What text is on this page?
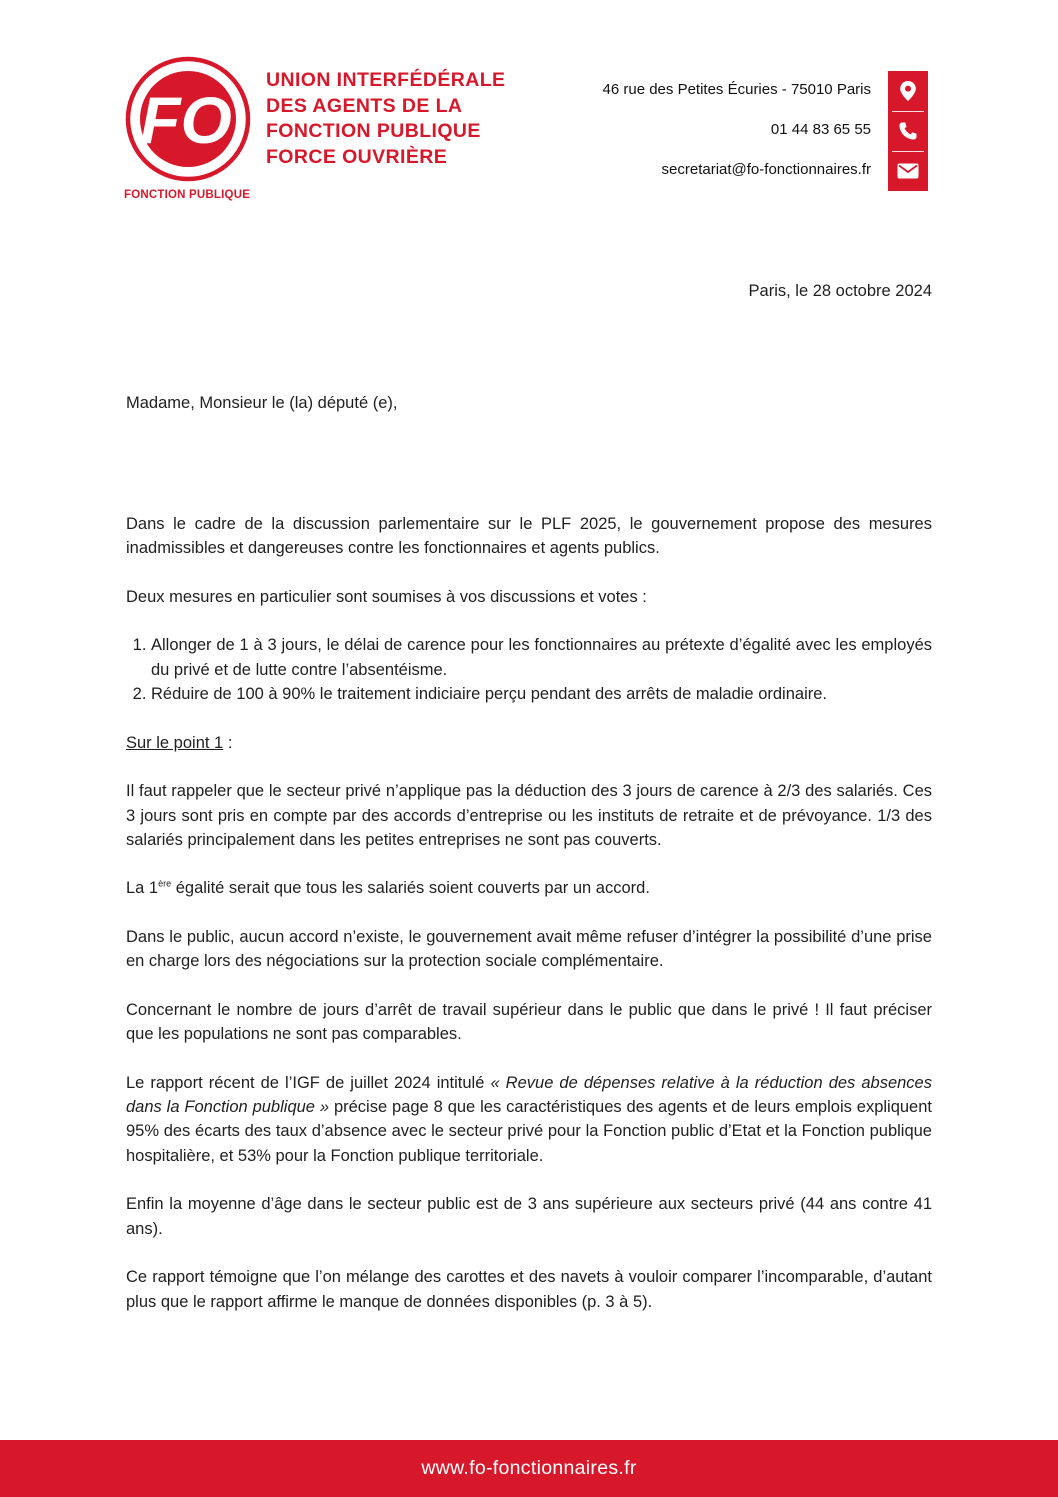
FO
FONCTION PUBLIQUE
UNION INTERFÉDÉRALE
DES AGENTS DE LA
FONCTION PUBLIQUE
FORCE OUVRIÈRE
46 rue des Petites Écuries - 75010 Paris
01 44 83 65 55
secretariat@fo-fonctionnaires.fr
Paris, le 28 octobre 2024
Madame, Monsieur le (la) député (e),

Dans le cadre de la discussion parlementaire sur le PLF 2025, le gouvernement propose des mesures inadmissibles et dangereuses contre les fonctionnaires et agents publics.

Deux mesures en particulier sont soumises à vos discussions et votes :

1. Allonger de 1 à 3 jours, le délai de carence pour les fonctionnaires au prétexte d’égalité avec les employés du privé et de lutte contre l’absentéisme.
2. Réduire de 100 à 90% le traitement indiciaire perçu pendant des arrêts de maladie ordinaire.

Sur le point 1 :

Il faut rappeler que le secteur privé n’applique pas la déduction des 3 jours de carence à 2/3 des salariés. Ces 3 jours sont pris en compte par des accords d’entreprise ou les instituts de retraite et de prévoyance. 1/3 des salariés principalement dans les petites entreprises ne sont pas couverts.

La 1ère égalité serait que tous les salariés soient couverts par un accord.

Dans le public, aucun accord n’existe, le gouvernement avait même refuser d’intégrer la possibilité d’une prise en charge lors des négociations sur la protection sociale complémentaire.

Concernant le nombre de jours d’arrêt de travail supérieur dans le public que dans le privé ! Il faut préciser que les populations ne sont pas comparables.

Le rapport récent de l’IGF de juillet 2024 intitulé « Revue de dépenses relative à la réduction des absences dans la Fonction publique » précise page 8 que les caractéristiques des agents et de leurs emplois expliquent 95% des écarts des taux d’absence avec le secteur privé pour la Fonction public d’Etat et la Fonction publique hospitalière, et 53% pour la Fonction publique territoriale.

Enfin la moyenne d’âge dans le secteur public est de 3 ans supérieure aux secteurs privé (44 ans contre 41 ans).

Ce rapport témoigne que l’on mélange des carottes et des navets à vouloir comparer l’incomparable, d’autant plus que le rapport affirme le manque de données disponibles (p. 3 à 5).

www.fo-fonctionnaires.fr
